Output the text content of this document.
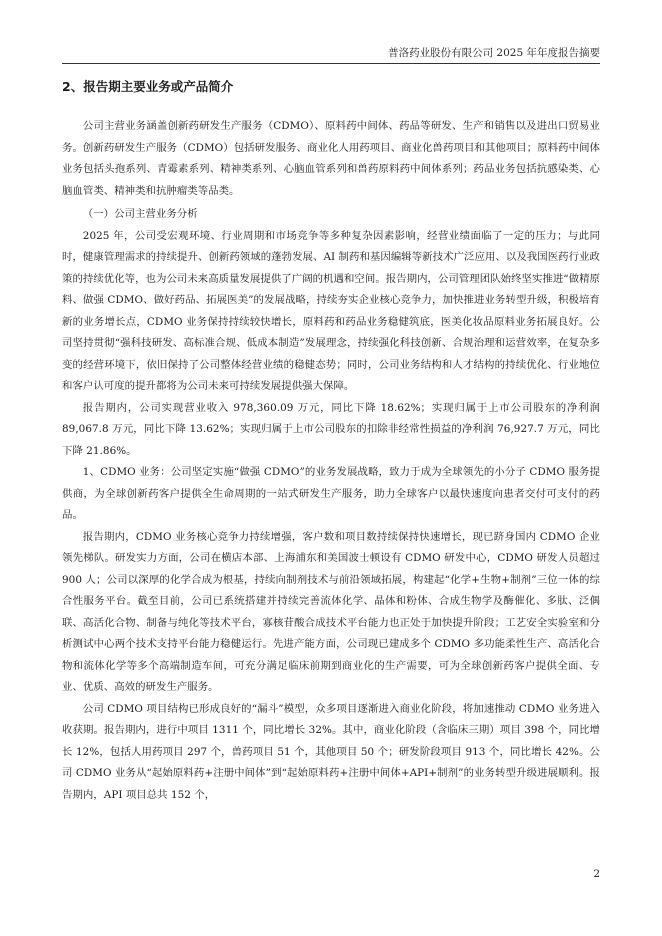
普洛药业股份有限公司 2025 年年度报告摘要
2、报告期主要业务或产品简介

公司主营业务涵盖创新药研发生产服务（CDMO）、原料药中间体、药品等研发、生产和销售以及进出口贸易业务。创新药研发生产服务（CDMO）包括研发服务、商业化人用药项目、商业化兽药项目和其他项目；原料药中间体业务包括头孢系列、青霉素系列、精神类系列、心脑血管系列和兽药原料药中间体系列；药品业务包括抗感染类、心脑血管类、精神类和抗肿瘤类等品类。

（一）公司主营业务分析

2025 年，公司受宏观环境、行业周期和市场竞争等多种复杂因素影响，经营业绩面临了一定的压力；与此同时，健康管理需求的持续提升、创新药领域的蓬勃发展、AI 制药和基因编辑等新技术广泛应用、以及我国医药行业政策的持续优化等，也为公司未来高质量发展提供了广阔的机遇和空间。报告期内，公司管理团队始终坚实推进“做精原料、做强 CDMO、做好药品、拓展医美”的发展战略，持续夯实企业核心竞争力，加快推进业务转型升级，积极培育新的业务增长点，CDMO 业务保持持续较快增长，原料药和药品业务稳健筑底，医美化妆品原料业务拓展良好。公司坚持贯彻“强科技研发、高标准合规、低成本制造”发展理念，持续强化科技创新、合规治理和运营效率，在复杂多变的经营环境下，依旧保持了公司整体经营业绩的稳健态势；同时，公司业务结构和人才结构的持续优化、行业地位和客户认可度的提升都将为公司未来可持续发展提供强大保障。

报告期内，公司实现营业收入 978,360.09 万元，同比下降 18.62%；实现归属于上市公司股东的净利润 89,067.8 万元，同比下降 13.62%；实现归属于上市公司股东的扣除非经常性损益的净利润 76,927.7 万元，同比下降 21.86%。

1、CDMO 业务：公司坚定实施“做强 CDMO”的业务发展战略，致力于成为全球领先的小分子 CDMO 服务提供商，为全球创新药客户提供全生命周期的一站式研发生产服务，助力全球客户以最快速度向患者交付可支付的药品。

报告期内，CDMO 业务核心竞争力持续增强，客户数和项目数持续保持快速增长，现已跻身国内 CDMO 企业领先梯队。研发实力方面，公司在横店本部、上海浦东和美国波士顿设有 CDMO 研发中心，CDMO 研发人员超过 900 人；公司以深厚的化学合成为根基，持续向制剂技术与前沿领域拓展，构建起“化学+生物+制剂”三位一体的综合性服务平台。截至目前，公司已系统搭建并持续完善流体化学、晶体和粉体、合成生物学及酶催化、多肽、泛偶联、高活化合物、制备与纯化等技术平台，寡核苷酸合成技术平台能力也正处于加快提升阶段；工艺安全实验室和分析测试中心两个技术支持平台能力稳健运行。先进产能方面，公司现已建成多个 CDMO 多功能柔性生产、高活化合物和流体化学等多个高端制造车间，可充分满足临床前期到商业化的生产需要，可为全球创新药客户提供全面、专业、优质、高效的研发生产服务。

公司 CDMO 项目结构已形成良好的“漏斗”模型，众多项目逐渐进入商业化阶段，将加速推动 CDMO 业务进入收获期。报告期内，进行中项目 1311 个，同比增长 32%。其中，商业化阶段（含临床三期）项目 398 个，同比增长 12%，包括人用药项目 297 个，兽药项目 51 个，其他项目 50 个；研发阶段项目 913 个，同比增长 42%。公司 CDMO 业务从“起始原料药+注册中间体”到“起始原料药+注册中间体+API+制剂”的业务转型升级进展顺利。报告期内，API 项目总共 152 个，

2
